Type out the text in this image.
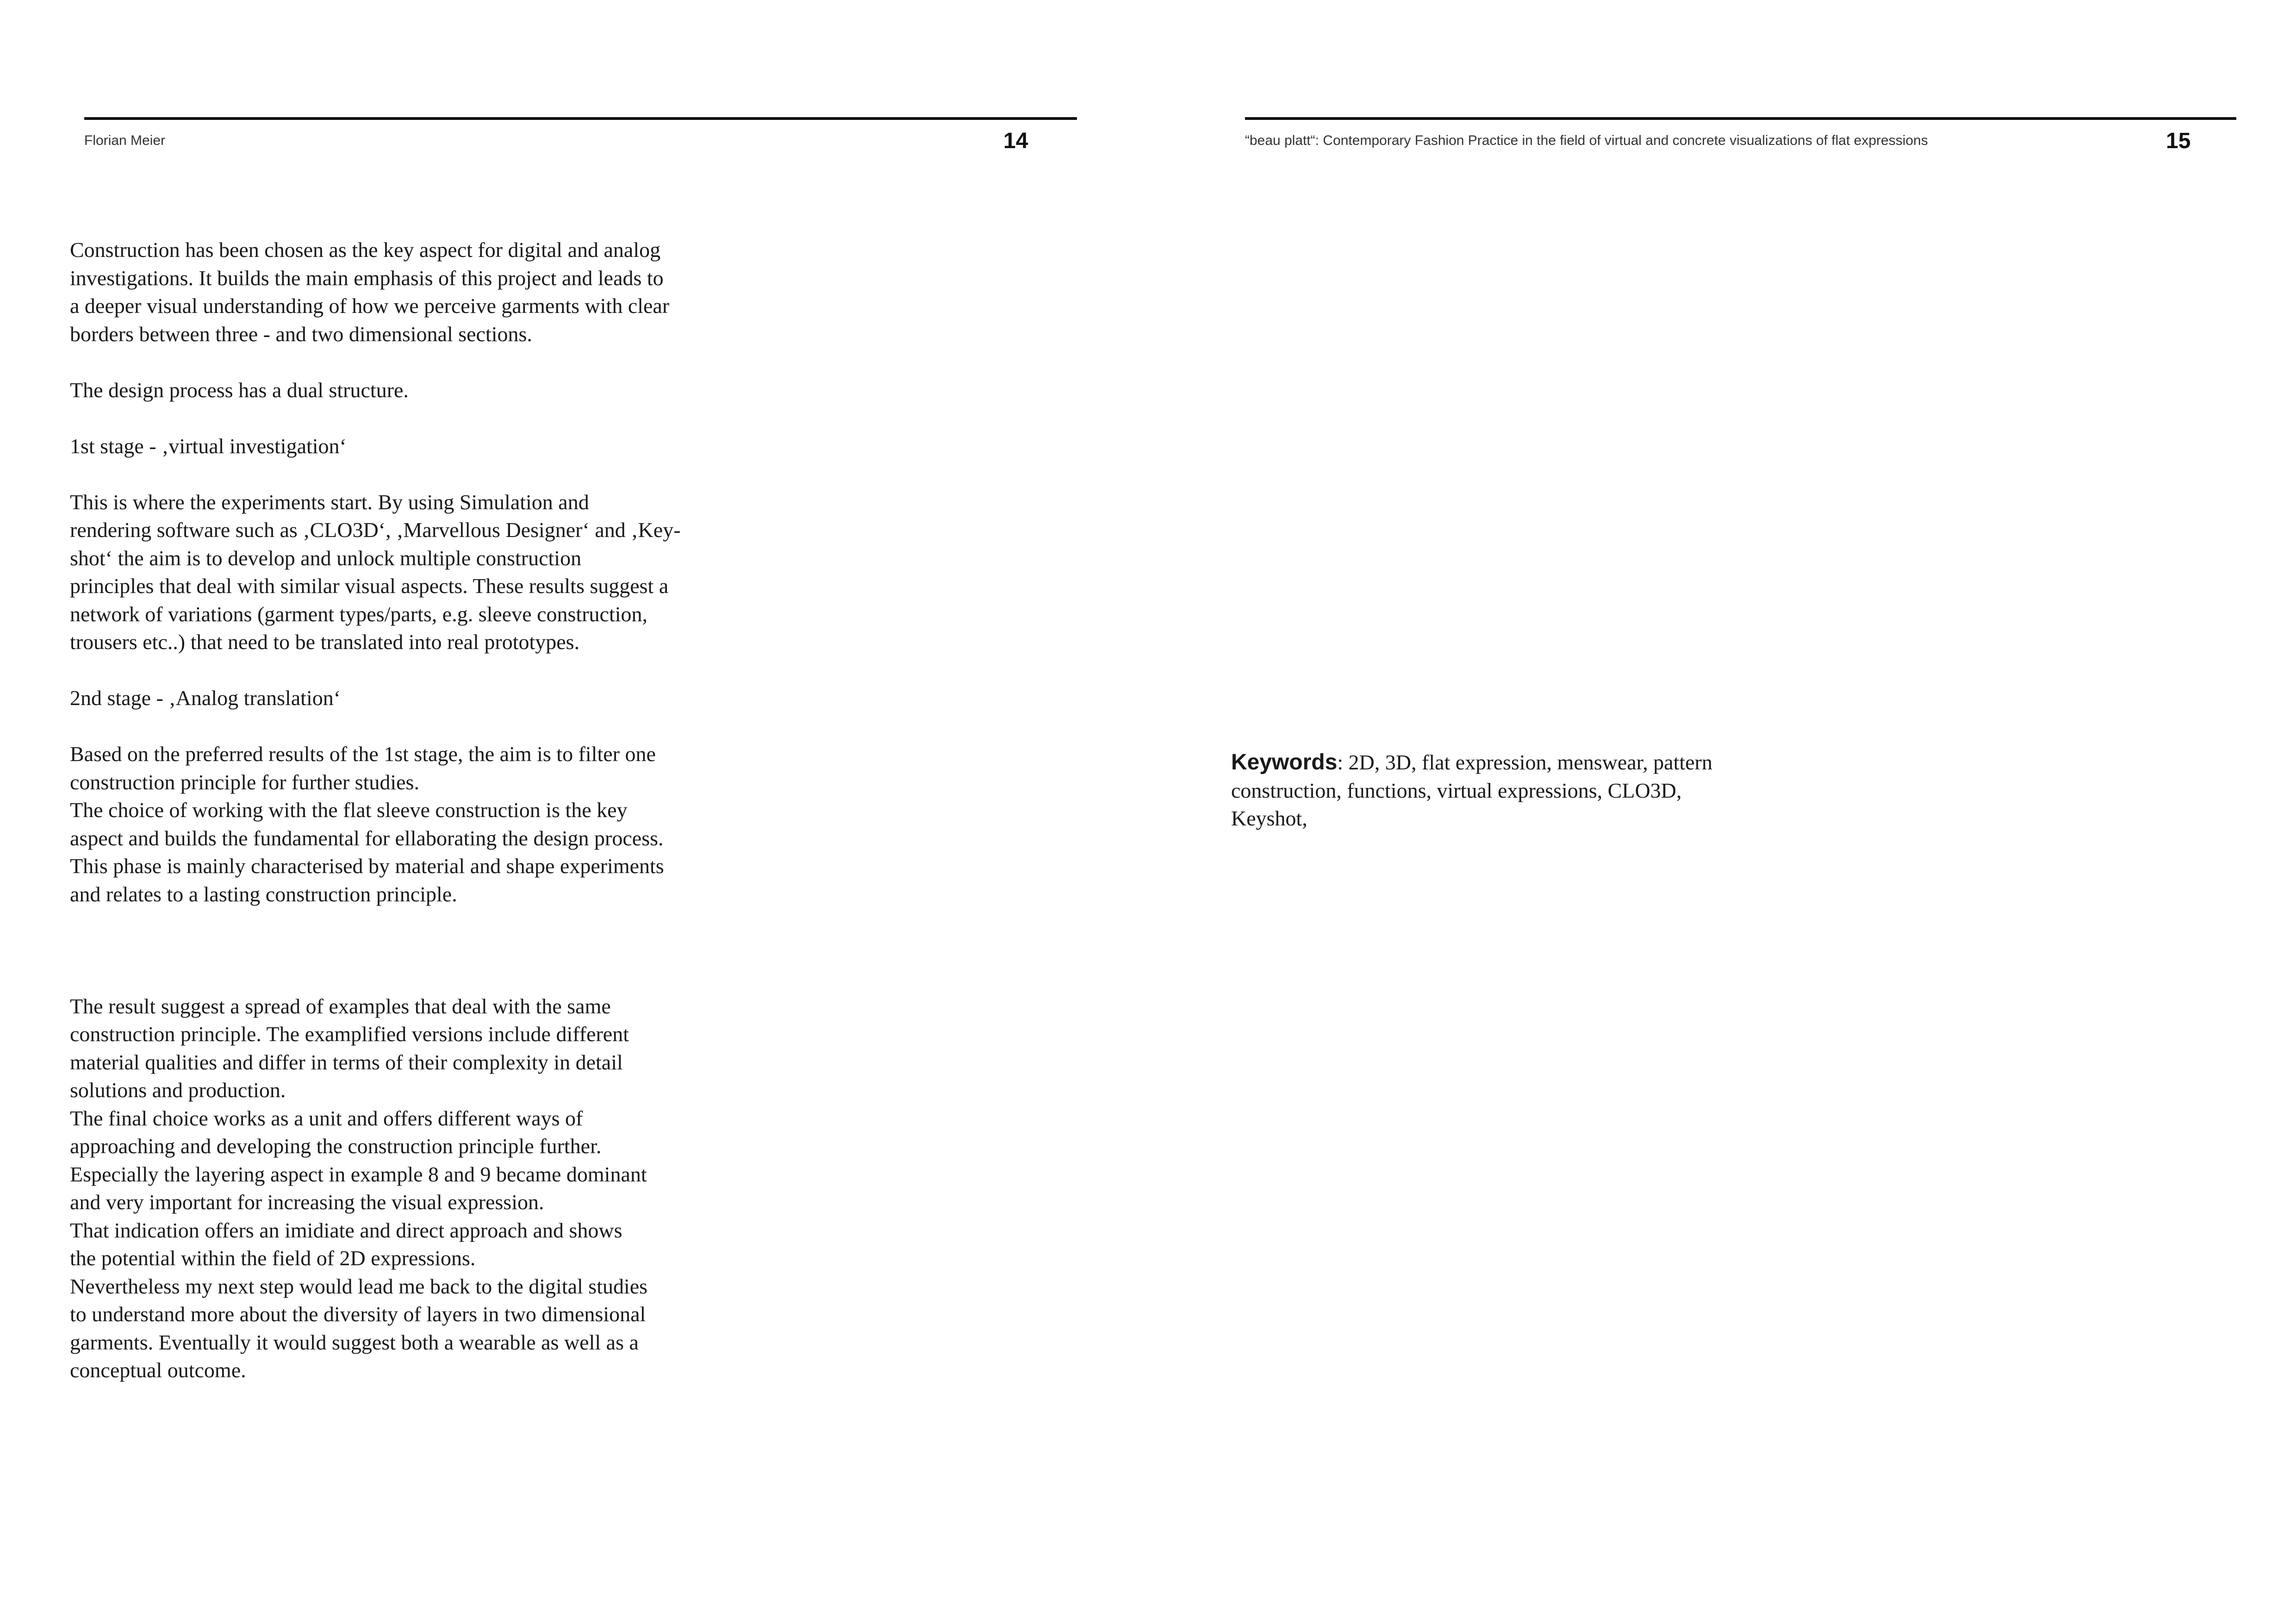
Florian Meier	14

Construction has been chosen as the key aspect for digital and analog
investigations. It builds the main emphasis of this project and leads to
a deeper visual understanding of how we perceive garments with clear
borders between three - and two dimensional sections.

The design process has a dual structure.

1st stage - ‚virtual investigation‘

This is where the experiments start. By using Simulation and
rendering software such as ‚CLO3D‘, ‚Marvellous Designer‘ and ‚Key-
shot‘ the aim is to develop and unlock multiple construction
principles that deal with similar visual aspects. These results suggest a
network of variations (garment types/parts, e.g. sleeve construction,
trousers etc..) that need to be translated into real prototypes.

2nd stage - ‚Analog translation‘

Based on the preferred results of the 1st stage, the aim is to filter one
construction principle for further studies.
The choice of working with the flat sleeve construction is the key
aspect and builds the fundamental for ellaborating the design process.
This phase is mainly characterised by material and shape experiments
and relates to a lasting construction principle.

The result suggest a spread of examples that deal with the same
construction principle. The examplified versions include different
material qualities and differ in terms of their complexity in detail
solutions and production.
The final choice works as a unit and offers different ways of
approaching and developing the construction principle further.
Especially the layering aspect in example 8 and 9 became dominant
and very important for increasing the visual expression.
That indication offers an imidiate and direct approach and shows
the potential within the field of 2D expressions.
Nevertheless my next step would lead me back to the digital studies
to understand more about the diversity of layers in two dimensional
garments. Eventually it would suggest both a wearable as well as a
conceptual outcome.

“beau platt“: Contemporary Fashion Practice in the field of virtual and concrete visualizations of flat expressions	15

Keywords: 2D, 3D, flat expression, menswear, pattern
construction, functions, virtual expressions, CLO3D,
Keyshot,
